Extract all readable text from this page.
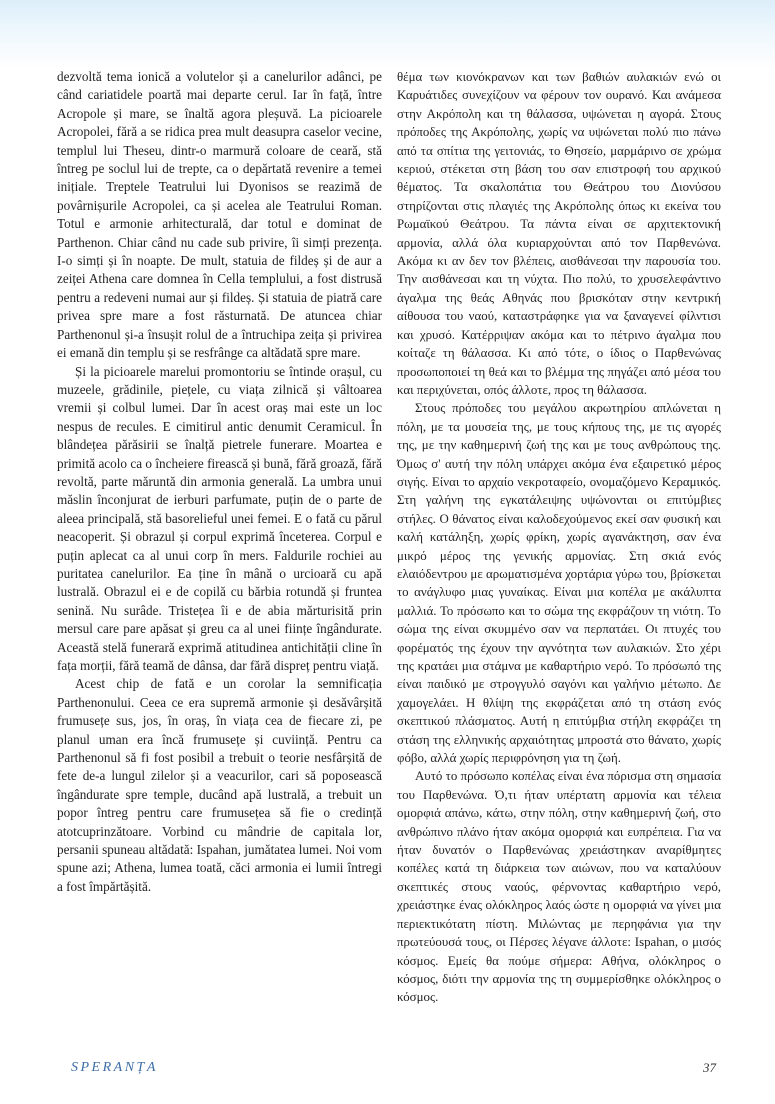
dezvoltă tema ionică a volutelor și a canelurilor adânci, pe când cariatidele poartă mai departe cerul. Iar în față, între Acropole și mare, se înaltă agora pleșuvă. La picioarele Acropolei, fără a se ridica prea mult deasupra caselor vecine, templul lui Theseu, dintr-o marmură coloare de ceară, stă întreg pe soclul lui de trepte, ca o depărtată revenire a temei inițiale. Treptele Teatrului lui Dyonisos se reazimă de povârnișurile Acropolei, ca și acelea ale Teatrului Roman. Totul e armonie arhitecturală, dar totul e dominat de Parthenon. Chiar când nu cade sub privire, îi simți prezența. I-o simți și în noapte. De mult, statuia de fildeș și de aur a zeiței Athena care domnea în Cella templului, a fost distrusă pentru a redeveni numai aur și fildeș. Și statuia de piatră care privea spre mare a fost răsturnată. De atuncea chiar Parthenonul și-a însușit rolul de a întruchipa zeița și privirea ei emană din templu și se resfrânge ca altădată spre mare.

Și la picioarele marelui promontoriu se întinde orașul, cu muzeele, grădinile, piețele, cu viața zilnică și vâltoarea vremii și colbul lumei. Dar în acest oraș mai este un loc nespus de recules. E cimitirul antic denumit Ceramicul. În blândețea părăsirii se înalță pietrele funerare. Moartea e primită acolo ca o încheiere firească și bună, fără groază, fără revoltă, parte măruntă din armonia generală. La umbra unui măslin înconjurat de ierburi parfumate, puțin de o parte de aleea principală, stă basorelieful unei femei. E o fată cu părul neacoperit. Și obrazul și corpul exprimă încetereа. Corpul e puțin aplecat ca al unui corp în mers. Faldurile rochiei au puritatea canelurilor. Ea ține în mână o urcioară cu apă lustrală. Obrazul ei e de copilă cu bărbia rotundă și fruntea senină. Nu surâde. Tristețea îi e de abia mărturisită prin mersul care pare apăsat și greu ca al unei ființe îngândurate. Această stelă funerară exprimă atitudinea antichității cline în fața morții, fără teamă de dânsa, dar fără dispreț pentru viață.

Acest chip de fată e un corolar la semnificația Parthenonului. Ceea ce era supremă armonie și desăvârșită frumusețe sus, jos, în oraș, în viața cea de fiecare zi, pe planul uman era încă frumusețe și cuviință. Pentru ca Parthenonul să fi fost posibil a trebuit o teorie nesfârșită de fete de-a lungul zilelor și a veacurilor, cari să poposească îngândurate spre temple, ducând apă lustrală, a trebuit un popor întreg pentru care frumusețea să fie o credință atotcuprinzătoare. Vorbind cu mândrie de capitala lor, persanii spuneau altădată: Ispahan, jumătatea lumei. Noi vom spune azi; Athena, lumea toată, căci armonia ei lumii întregi a fost împărtășită.

θέμα των κιονόκρανων και των βαθιών αυλακιών ενώ οι Καρυάτιδες συνεχίζουν να φέρουν τον ουρανό. Και ανάμεσα στην Ακρόπολη και τη θάλασσα, υψώνεται η αγορά. Στους πρόποδες της Ακρόπολης, χωρίς να υψώνεται πολύ πιο πάνω από τα σπίτια της γειτονιάς, το Θησείο, μαρμάρινο σε χρώμα κεριού, στέκεται στη βάση του σαν επιστροφή του αρχικού θέματος. Τα σκαλοπάτια του Θεάτρου του Διονύσου στηρίζονται στις πλαγιές της Ακρόπολης όπως κι εκείνα του Ρωμαϊκού Θεάτρου. Τα πάντα είναι σε αρχιτεκτονική αρμονία, αλλά όλα κυριαρχούνται από τον Παρθενώνα. Ακόμα κι αν δεν τον βλέπεις, αισθάνεσαι την παρουσία του. Την αισθάνεσαι και τη νύχτα. Πιο πολύ, το χρυσελεφάντινο άγαλμα της θεάς Αθηνάς που βρισκόταν στην κεντρική αίθουσα του ναού, καταστράφηκε για να ξαναγενεί φίλντισι και χρυσό. Κατέρριψαν ακόμα και το πέτρινο άγαλμα που κοίταζε τη θάλασσα. Κι από τότε, ο ίδιος ο Παρθενώνας προσωποποιεί τη θεά και το βλέμμα της πηγάζει από μέσα του και περιχύνεται, οπός άλλοτε, προς τη θάλασσα.

Στους πρόποδες του μεγάλου ακρωτηρίου απλώνεται η πόλη, με τα μουσεία της, με τους κήπους της, με τις αγορές της, με την καθημερινή ζωή της και με τους ανθρώπους της. Όμως σ' αυτή την πόλη υπάρχει ακόμα ένα εξαιρετικό μέρος σιγής. Είναι το αρχαίο νεκροταφείο, ονομαζόμενο Κεραμικός. Στη γαλήνη της εγκατάλειψης υψώνονται οι επιτύμβιες στήλες. Ο θάνατος είναι καλοδεχούμενος εκεί σαν φυσική και καλή κατάληξη, χωρίς φρίκη, χωρίς αγανάκτηση, σαν ένα μικρό μέρος της γενικής αρμονίας. Στη σκιά ενός ελαιόδεντρου με αρωματισμένα χορτάρια γύρω του, βρίσκεται το ανάγλυφο μιας γυναίκας. Είναι μια κοπέλα με ακάλυπτα μαλλιά. Το πρόσωπο και το σώμα της εκφράζουν τη νιότη. Το σώμα της είναι σκυμμένο σαν να περπατάει. Οι πτυχές του φορέματός της έχουν την αγνότητα των αυλακιών. Στο χέρι της κρατάει μια στάμνα με καθαρτήριο νερό. Το πρόσωπό της είναι παιδικό με στρογγυλό σαγόνι και γαλήνιο μέτωπο. Δε χαμογελάει. Η θλίψη της εκφράζεται από τη στάση ενός σκεπτικού πλάσματος. Αυτή η επιτύμβια στήλη εκφράζει τη στάση της ελληνικής αρχαιότητας μπροστά στο θάνατο, χωρίς φόβο, αλλά χωρίς περιφρόνηση για τη ζωή.

Αυτό το πρόσωπο κοπέλας είναι ένα πόρισμα στη σημασία του Παρθενώνα. Ό,τι ήταν υπέρτατη αρμονία και τέλεια ομορφιά απάνω, κάτω, στην πόλη, στην καθημερινή ζωή, στο ανθρώπινο πλάνο ήταν ακόμα ομορφιά και ευπρέπεια. Για να ήταν δυνατόν ο Παρθενώνας χρειάστηκαν αναρίθμητες κοπέλες κατά τη διάρκεια των αιώνων, που να καταλύουν σκεπτικές στους ναούς, φέρνοντας καθαρτήριο νερό, χρειάστηκε ένας ολόκληρος λαός ώστε η ομορφιά να γίνει μια περιεκτικότατη πίστη. Μιλώντας με περηφάνια για την πρωτεύουσά τους, οι Πέρσες λέγανε άλλοτε: Ispahan, ο μισός κόσμος. Εμείς θα πούμε σήμερα: Αθήνα, ολόκληρος ο κόσμος, διότι την αρμονία της τη συμμερίσθηκε ολόκληρος ο κόσμος.

SPERANȚA	37
